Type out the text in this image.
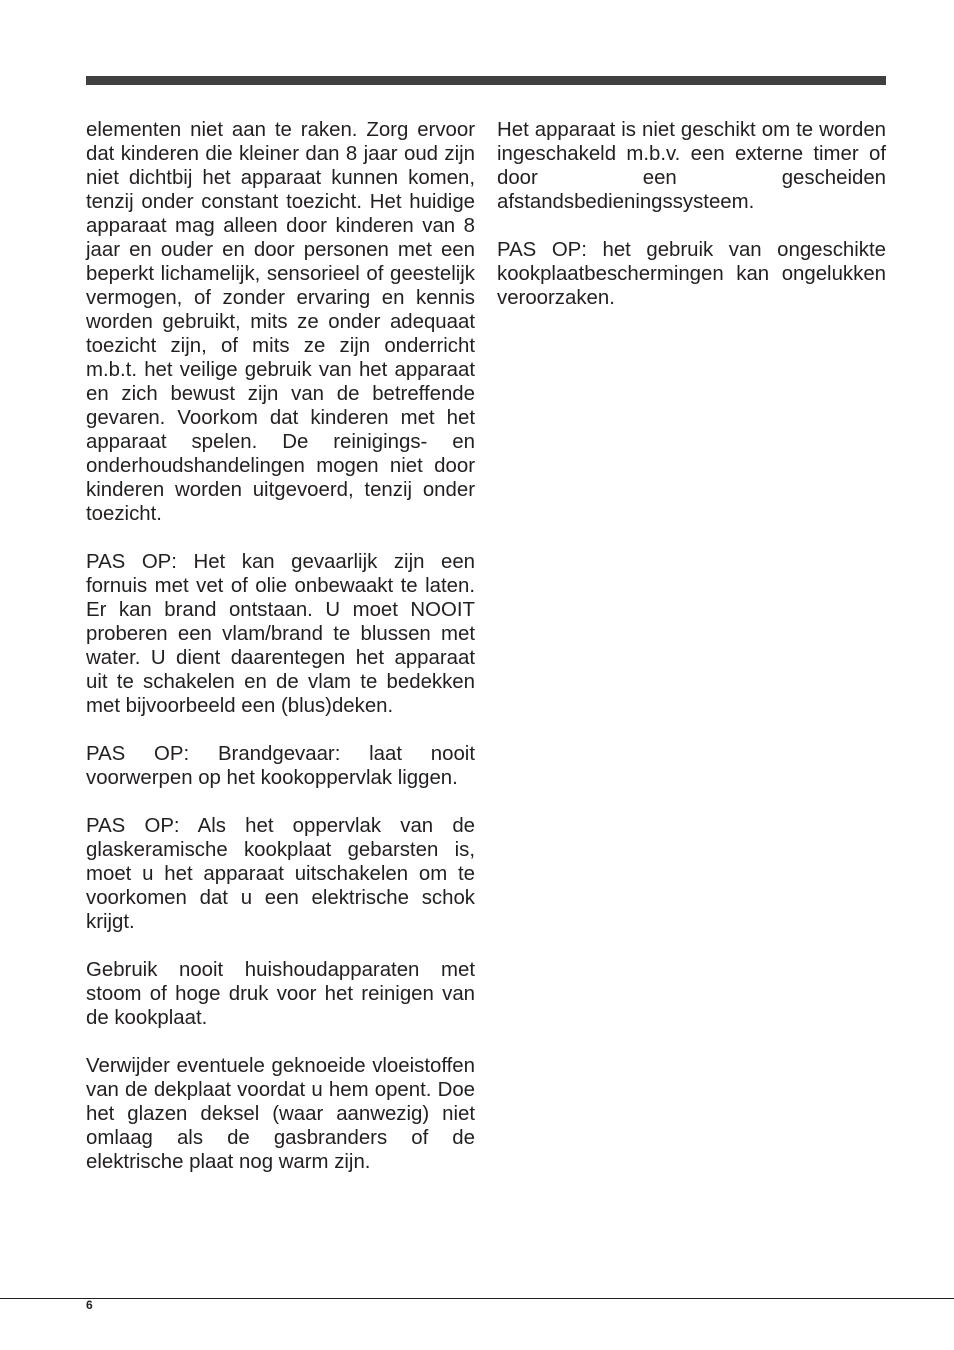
elementen niet aan te raken. Zorg ervoor dat kinderen die kleiner dan 8 jaar oud zijn niet dichtbij het apparaat kunnen komen, tenzij onder constant toezicht. Het huidige apparaat mag alleen door kinderen van 8 jaar en ouder en door personen met een beperkt lichamelijk, sensorieel of geestelijk vermogen, of zonder ervaring en kennis worden gebruikt, mits ze onder adequaat toezicht zijn, of mits ze zijn onderricht m.b.t. het veilige gebruik van het apparaat en zich bewust zijn van de betreffende gevaren. Voorkom dat kinderen met het apparaat spelen. De reinigings- en onderhoudshandelingen mogen niet door kinderen worden uitgevoerd, tenzij onder toezicht.

PAS OP: Het kan gevaarlijk zijn een fornuis met vet of olie onbewaakt te laten. Er kan brand ontstaan. U moet NOOIT proberen een vlam/brand te blussen met water. U dient daarentegen het apparaat uit te schakelen en de vlam te bedekken met bijvoorbeeld een (blus)deken.

PAS OP: Brandgevaar: laat nooit voorwerpen op het kookoppervlak liggen.

PAS OP: Als het oppervlak van de glaskeramische kookplaat gebarsten is, moet u het apparaat uitschakelen om te voorkomen dat u een elektrische schok krijgt.

Gebruik nooit huishoudapparaten met stoom of hoge druk voor het reinigen van de kookplaat.

Verwijder eventuele geknoeide vloeistoffen van de dekplaat voordat u hem opent. Doe het glazen deksel (waar aanwezig) niet omlaag als de gasbranders of de elektrische plaat nog warm zijn.

Het apparaat is niet geschikt om te worden ingeschakeld m.b.v. een externe timer of door een gescheiden afstandsbedieningssysteem.

PAS OP: het gebruik van ongeschikte kookplaatbeschermingen kan ongelukken veroorzaken.

6
